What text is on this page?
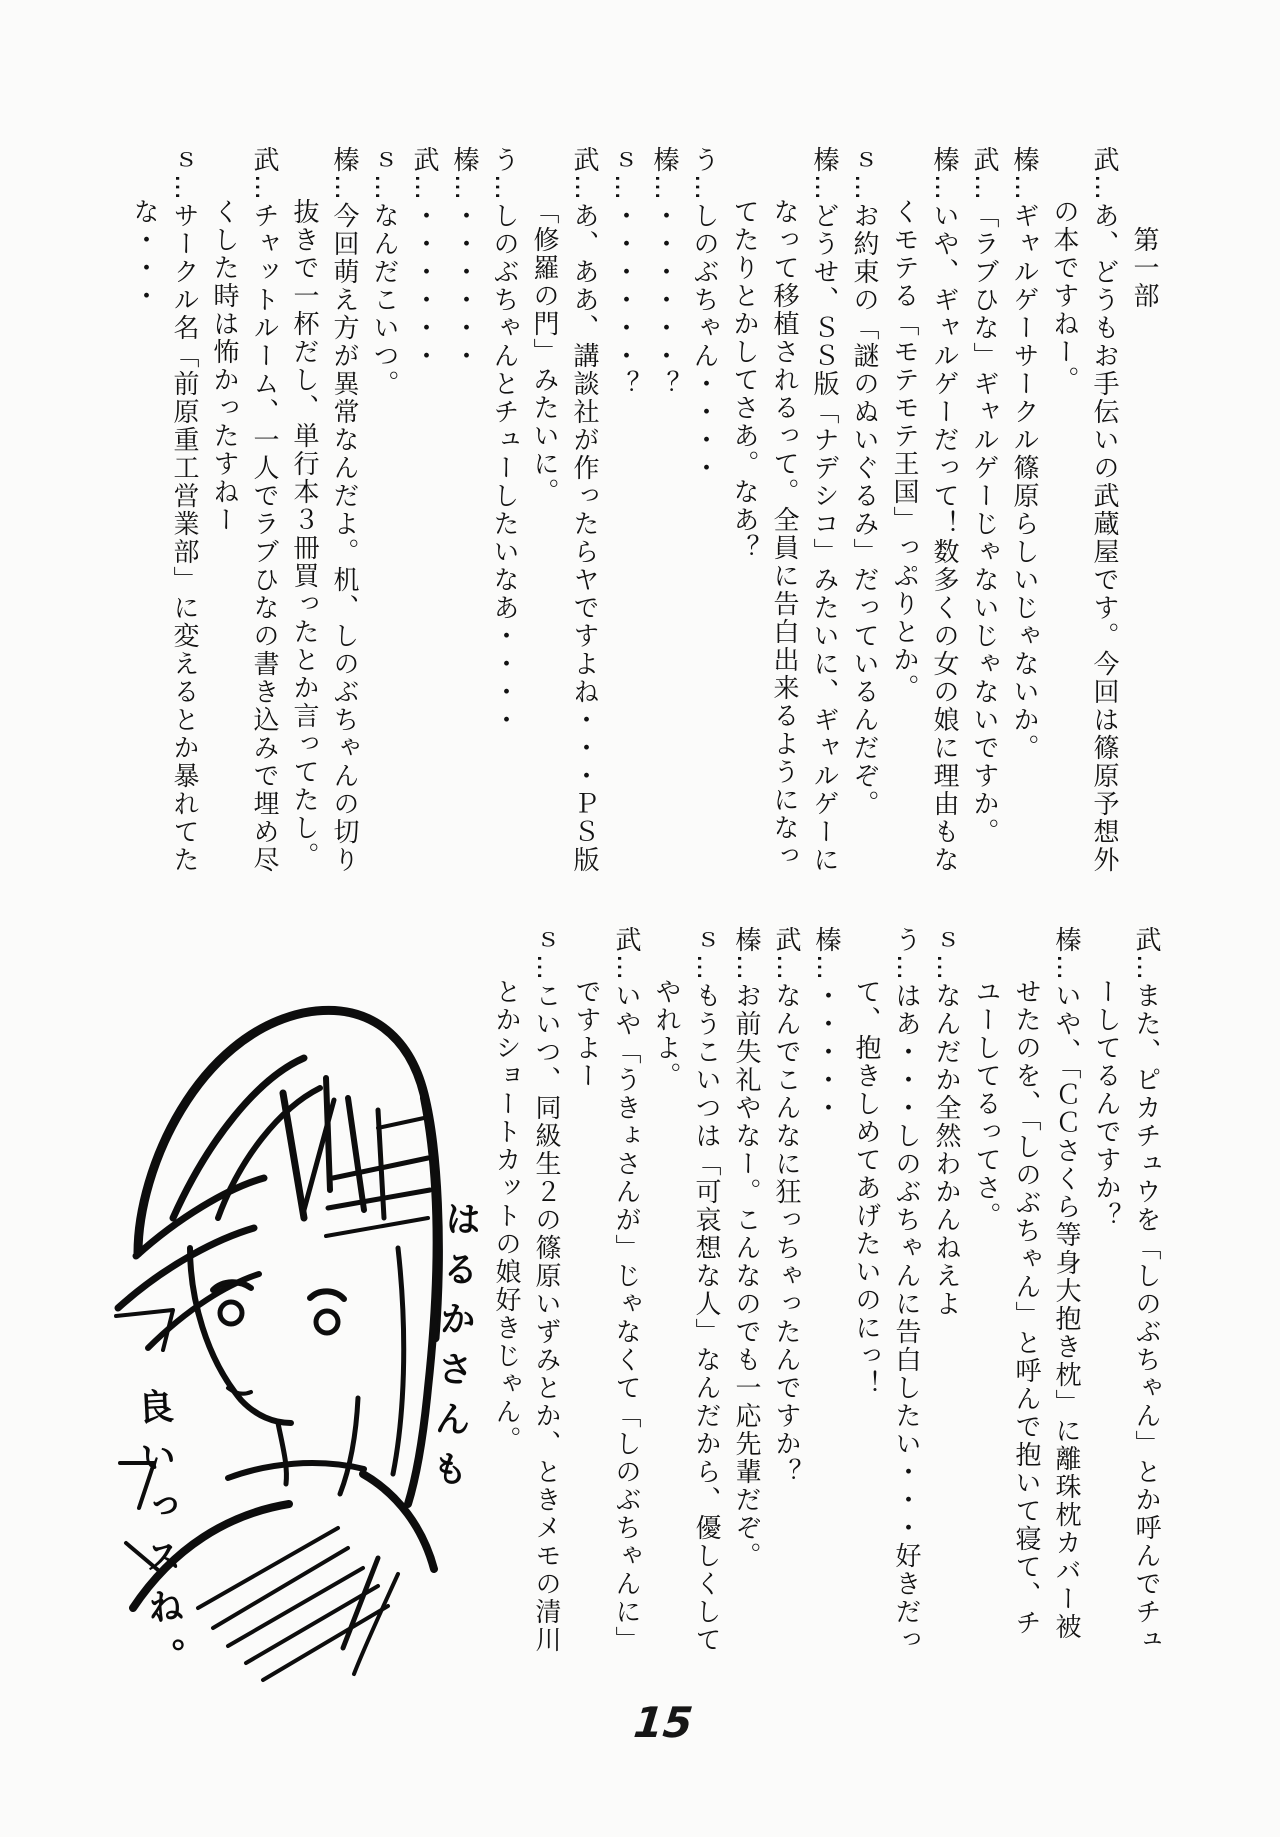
第一部

武…あ、どうもお手伝いの武蔵屋です。今回は篠原予想外

の本ですねー。

榛…ギャルゲーサークル篠原らしいじゃないか。

武…「ラブひな」ギャルゲーじゃないじゃないですか。

榛…いや、ギャルゲーだって！数多くの女の娘に理由もな

くモテる「モテモテ王国」っぷりとか。

ｓ…お約束の「謎のぬいぐるみ」だっているんだぞ。

榛…どうせ、ＳＳ版「ナデシコ」みたいに、ギャルゲーに

なって移植されるって。全員に告白出来るようになっ

てたりとかしてさあ。なあ？

う…しのぶちゃん・・・・

榛…・・・・・・？

ｓ…・・・・・・？

武…あ、ああ、講談社が作ったらヤですよね・・・ＰＳ版

「修羅の門」みたいに。

う…しのぶちゃんとチューしたいなあ・・・・

榛…・・・・・・

武…・・・・・・

ｓ…なんだこいつ。

榛…今回萌え方が異常なんだよ。机、しのぶちゃんの切り

抜きで一杯だし、単行本３冊買ったとか言ってたし。

武…チャットルーム、一人でラブひなの書き込みで埋め尽

くした時は怖かったすねー

ｓ…サークル名「前原重工営業部」に変えるとか暴れてた

な・・・

武…また、ピカチュウを「しのぶちゃん」とか呼んでチュ

ーしてるんですか？

榛…いや、「ＣＣさくら等身大抱き枕」に離珠枕カバー被

せたのを、「しのぶちゃん」と呼んで抱いて寝て、チ

ユーしてるってさ。

ｓ…なんだか全然わかんねえよ

う…はあ・・・しのぶちゃんに告白したい・・・好きだっ

て、抱きしめてあげたいのにっ！

榛…・・・・・

武…なんでこんなに狂っちゃったんですか？

榛…お前失礼やなー。こんなのでも一応先輩だぞ。

ｓ…もうこいつは「可哀想な人」なんだから、優しくして

やれよ。

武…いや「うきょさんが」じゃなくて「しのぶちゃんに」

ですよー

ｓ…こいつ、同級生２の篠原いずみとか、ときメモの清川

とかショートカットの娘好きじゃん。

はるかさんも
良いっスね。
15
